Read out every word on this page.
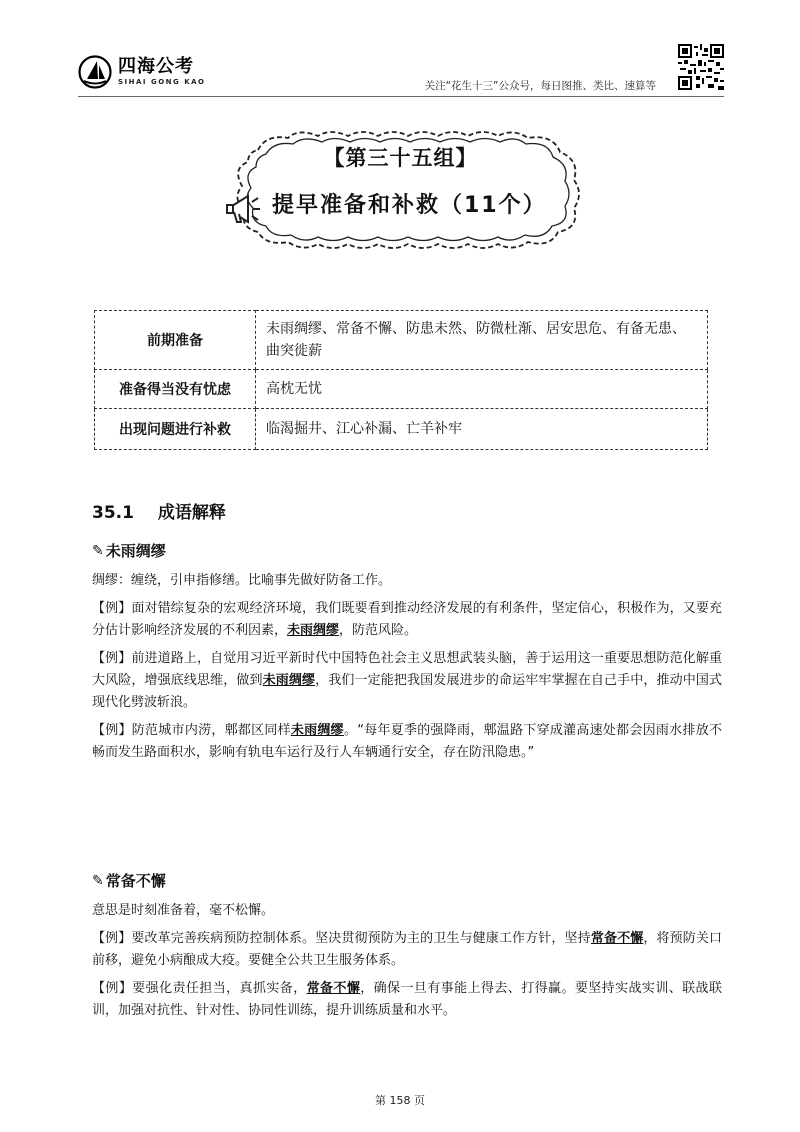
四海公考
SIHAI GONG KAO	关注“花生十三”公众号，每日图推、类比、速算等
【第三十五组】
提早准备和补救（11个）
前期准备	未雨绸缪、常备不懈、防患未然、防微杜渐、居安思危、有备无患、曲突徙薪
准备得当没有忧虑	高枕无忧
出现问题进行补救	临渴掘井、江心补漏、亡羊补牢
35.1 成语解释
✎ 未雨绸缪

绸缪：缠绕，引申指修缮。比喻事先做好防备工作。

【例】面对错综复杂的宏观经济环境，我们既要看到推动经济发展的有利条件，坚定信心，积极作为，又要充分估计影响经济发展的不利因素，未雨绸缪，防范风险。

【例】前进道路上，自觉用习近平新时代中国特色社会主义思想武装头脑，善于运用这一重要思想防范化解重大风险，增强底线思维，做到未雨绸缪，我们一定能把我国发展进步的命运牢牢掌握在自己手中，推动中国式现代化劈波斩浪。

【例】防范城市内涝，郫都区同样未雨绸缪。“每年夏季的强降雨，郫温路下穿成灌高速处都会因雨水排放不畅而发生路面积水，影响有轨电车运行及行人车辆通行安全，存在防汛隐患。”

✎ 常备不懈

意思是时刻准备着，毫不松懈。

【例】要改革完善疾病预防控制体系。坚决贯彻预防为主的卫生与健康工作方针，坚持常备不懈，将预防关口前移，避免小病酿成大疫。要健全公共卫生服务体系。

【例】要强化责任担当，真抓实备，常备不懈，确保一旦有事能上得去、打得赢。要坚持实战实训、联战联训，加强对抗性、针对性、协同性训练，提升训练质量和水平。

第 158 页
